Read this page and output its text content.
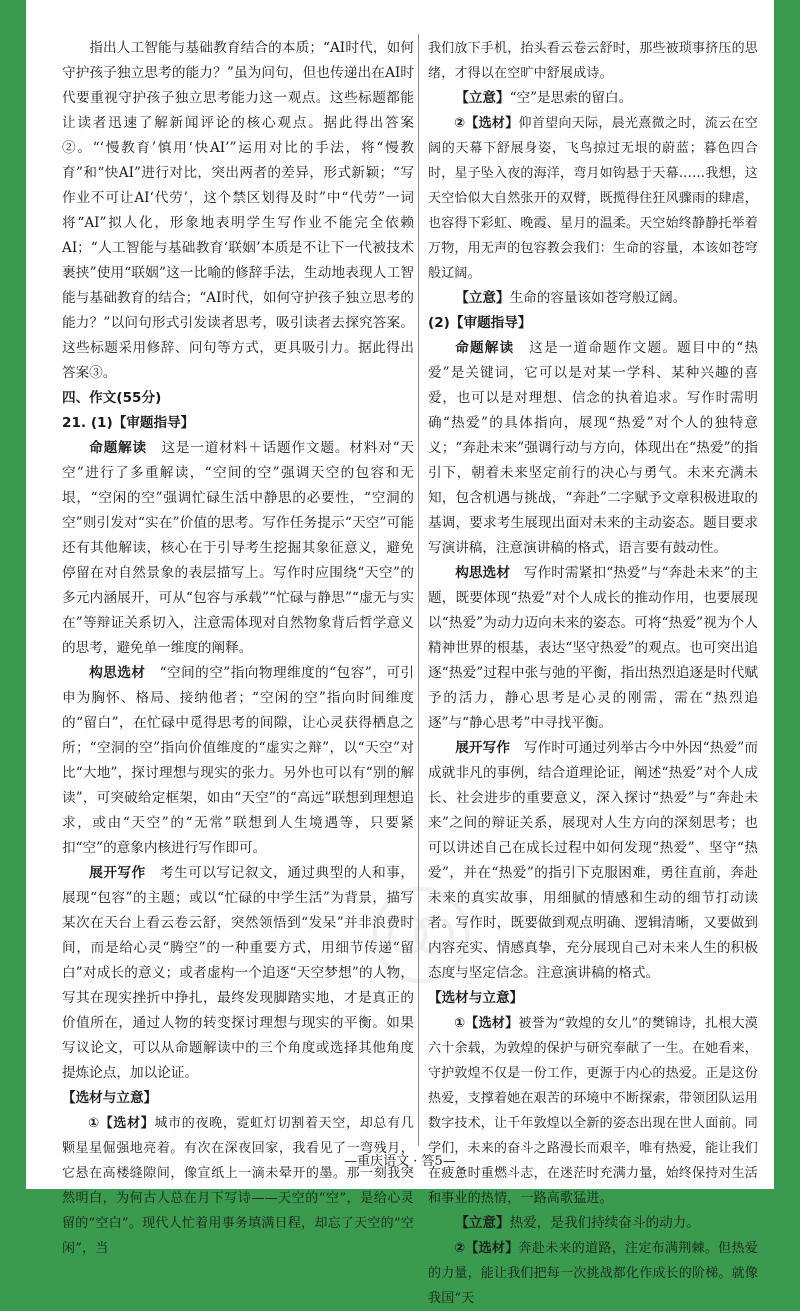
指出人工智能与基础教育结合的本质；“AI时代，如何守护孩子独立思考的能力？”虽为问句，但也传递出在AI时代要重视守护孩子独立思考能力这一观点。这些标题都能让读者迅速了解新闻评论的核心观点。据此得出答案②。“‘慢教育’慎用‘快AI’”运用对比的手法，将“慢教育”和“快AI”进行对比，突出两者的差异，形式新颖；“写作业不可让AI‘代劳’，这个禁区划得及时”中“代劳”一词将“AI”拟人化，形象地表明学生写作业不能完全依赖AI；“人工智能与基础教育‘联姻’本质是不让下一代被技术裹挟”使用“联姻”这一比喻的修辞手法，生动地表现人工智能与基础教育的结合；“AI时代，如何守护孩子独立思考的能力？”以问句形式引发读者思考，吸引读者去探究答案。这些标题采用修辞、问句等方式，更具吸引力。据此得出答案③。

四、作文(55分)

21. (1)【审题指导】

命题解读　 这是一道材料＋话题作文题。材料对“天空”进行了多重解读，“空间的空”强调天空的包容和无垠，“空闲的空”强调忙碌生活中静思的必要性，“空洞的空”则引发对“实在”价值的思考。写作任务提示“天空”可能还有其他解读，核心在于引导考生挖掘其象征意义，避免停留在对自然景象的表层描写上。写作时应围绕“天空”的多元内涵展开，可从“包容与承载”“忙碌与静思”“虚无与实在”等辩证关系切入，注意需体现对自然物象背后哲学意义的思考，避免单一维度的阐释。

构思选材　 “空间的空”指向物理维度的“包容”，可引申为胸怀、格局、接纳他者；“空闲的空”指向时间维度的“留白”，在忙碌中觅得思考的间隙，让心灵获得栖息之所；“空洞的空”指向价值维度的“虚实之辩”，以“天空”对比“大地”，探讨理想与现实的张力。另外也可以有“别的解读”，可突破给定框架，如由“天空”的“高远”联想到理想追求，或由“天空”的“无常”联想到人生境遇等，只要紧扣“空”的意象内核进行写作即可。

展开写作　 考生可以写记叙文，通过典型的人和事，展现“包容”的主题；或以“忙碌的中学生活”为背景，描写某次在天台上看云卷云舒，突然领悟到“发呆”并非浪费时间，而是给心灵“腾空”的一种重要方式，用细节传递“留白”对成长的意义；或者虚构一个追逐“天空梦想”的人物，写其在现实挫折中挣扎，最终发现脚踏实地，才是真正的价值所在，通过人物的转变探讨理想与现实的平衡。如果写议论文，可以从命题解读中的三个角度或选择其他角度提炼论点，加以论证。

【选材与立意】

①【选材】城市的夜晚，霓虹灯切割着天空，却总有几颗星星倔强地亮着。有次在深夜回家，我看见了一弯残月，它悬在高楼缝隙间，像宣纸上一滴未晕开的墨。那一刻我突然明白，为何古人总在月下写诗——天空的“空”，是给心灵留的“空白”。现代人忙着用事务填满日程，却忘了天空的“空闲”，当

我们放下手机，抬头看云卷云舒时，那些被琐事挤压的思绪，才得以在空旷中舒展成诗。

【立意】“空”是思索的留白。

②【选材】仰首望向天际，晨光熹微之时，流云在空阔的天幕下舒展身姿，飞鸟掠过无垠的蔚蓝；暮色四合时，星子坠入夜的海洋，弯月如钩悬于天幕……我想，这天空恰似大自然张开的双臂，既揽得住狂风骤雨的肆虐，也容得下彩虹、晚霞、星月的温柔。天空始终静静托举着万物，用无声的包容教会我们：生命的容量，本该如苍穹般辽阔。

【立意】生命的容量该如苍穹般辽阔。

(2)【审题指导】

命题解读　 这是一道命题作文题。题目中的“热爱”是关键词，它可以是对某一学科、某种兴趣的喜爱，也可以是对理想、信念的执着追求。写作时需明确“热爱”的具体指向，展现“热爱”对个人的独特意义；“奔赴未来”强调行动与方向，体现出在“热爱”的指引下，朝着未来坚定前行的决心与勇气。未来充满未知，包含机遇与挑战，“奔赴”二字赋予文章积极进取的基调，要求考生展现出面对未来的主动姿态。题目要求写演讲稿，注意演讲稿的格式，语言要有鼓动性。

构思选材　 写作时需紧扣“热爱”与“奔赴未来”的主题，既要体现“热爱”对个人成长的推动作用，也要展现以“热爱”为动力迈向未来的姿态。可将“热爱”视为个人精神世界的根基，表达“坚守热爱”的观点。也可突出追逐“热爱”过程中张与弛的平衡，指出热烈追逐是时代赋予的活力，静心思考是心灵的刚需，需在“热烈追逐”与“静心思考”中寻找平衡。

展开写作　 写作时可通过列举古今中外因“热爱”而成就非凡的事例，结合道理论证，阐述“热爱”对个人成长、社会进步的重要意义，深入探讨“热爱”与“奔赴未来”之间的辩证关系，展现对人生方向的深刻思考；也可以讲述自己在成长过程中如何发现“热爱”、坚守“热爱”，并在“热爱”的指引下克服困难，勇往直前，奔赴未来的真实故事，用细腻的情感和生动的细节打动读者。写作时，既要做到观点明确、逻辑清晰，又要做到内容充实、情感真挚，充分展现自己对未来人生的积极态度与坚定信念。注意演讲稿的格式。

【选材与立意】

①【选材】被誉为“敦煌的女儿”的樊锦诗，扎根大漠六十余载，为敦煌的保护与研究奉献了一生。在她看来，守护敦煌不仅是一份工作，更源于内心的热爱。正是这份热爱，支撑着她在艰苦的环境中不断探索，带领团队运用数字技术，让千年敦煌以全新的姿态出现在世人面前。同学们，未来的奋斗之路漫长而艰辛，唯有热爱，能让我们在疲惫时重燃斗志，在迷茫时充满力量，始终保持对生活和事业的热情，一路高歌猛进。

【立意】热爱，是我们持续奋斗的动力。

②【选材】奔赴未来的道路，注定布满荆棘。但热爱的力量，能让我们把每一次挑战都化作成长的阶梯。就像我国“天

—重庆语文 · 答5—
